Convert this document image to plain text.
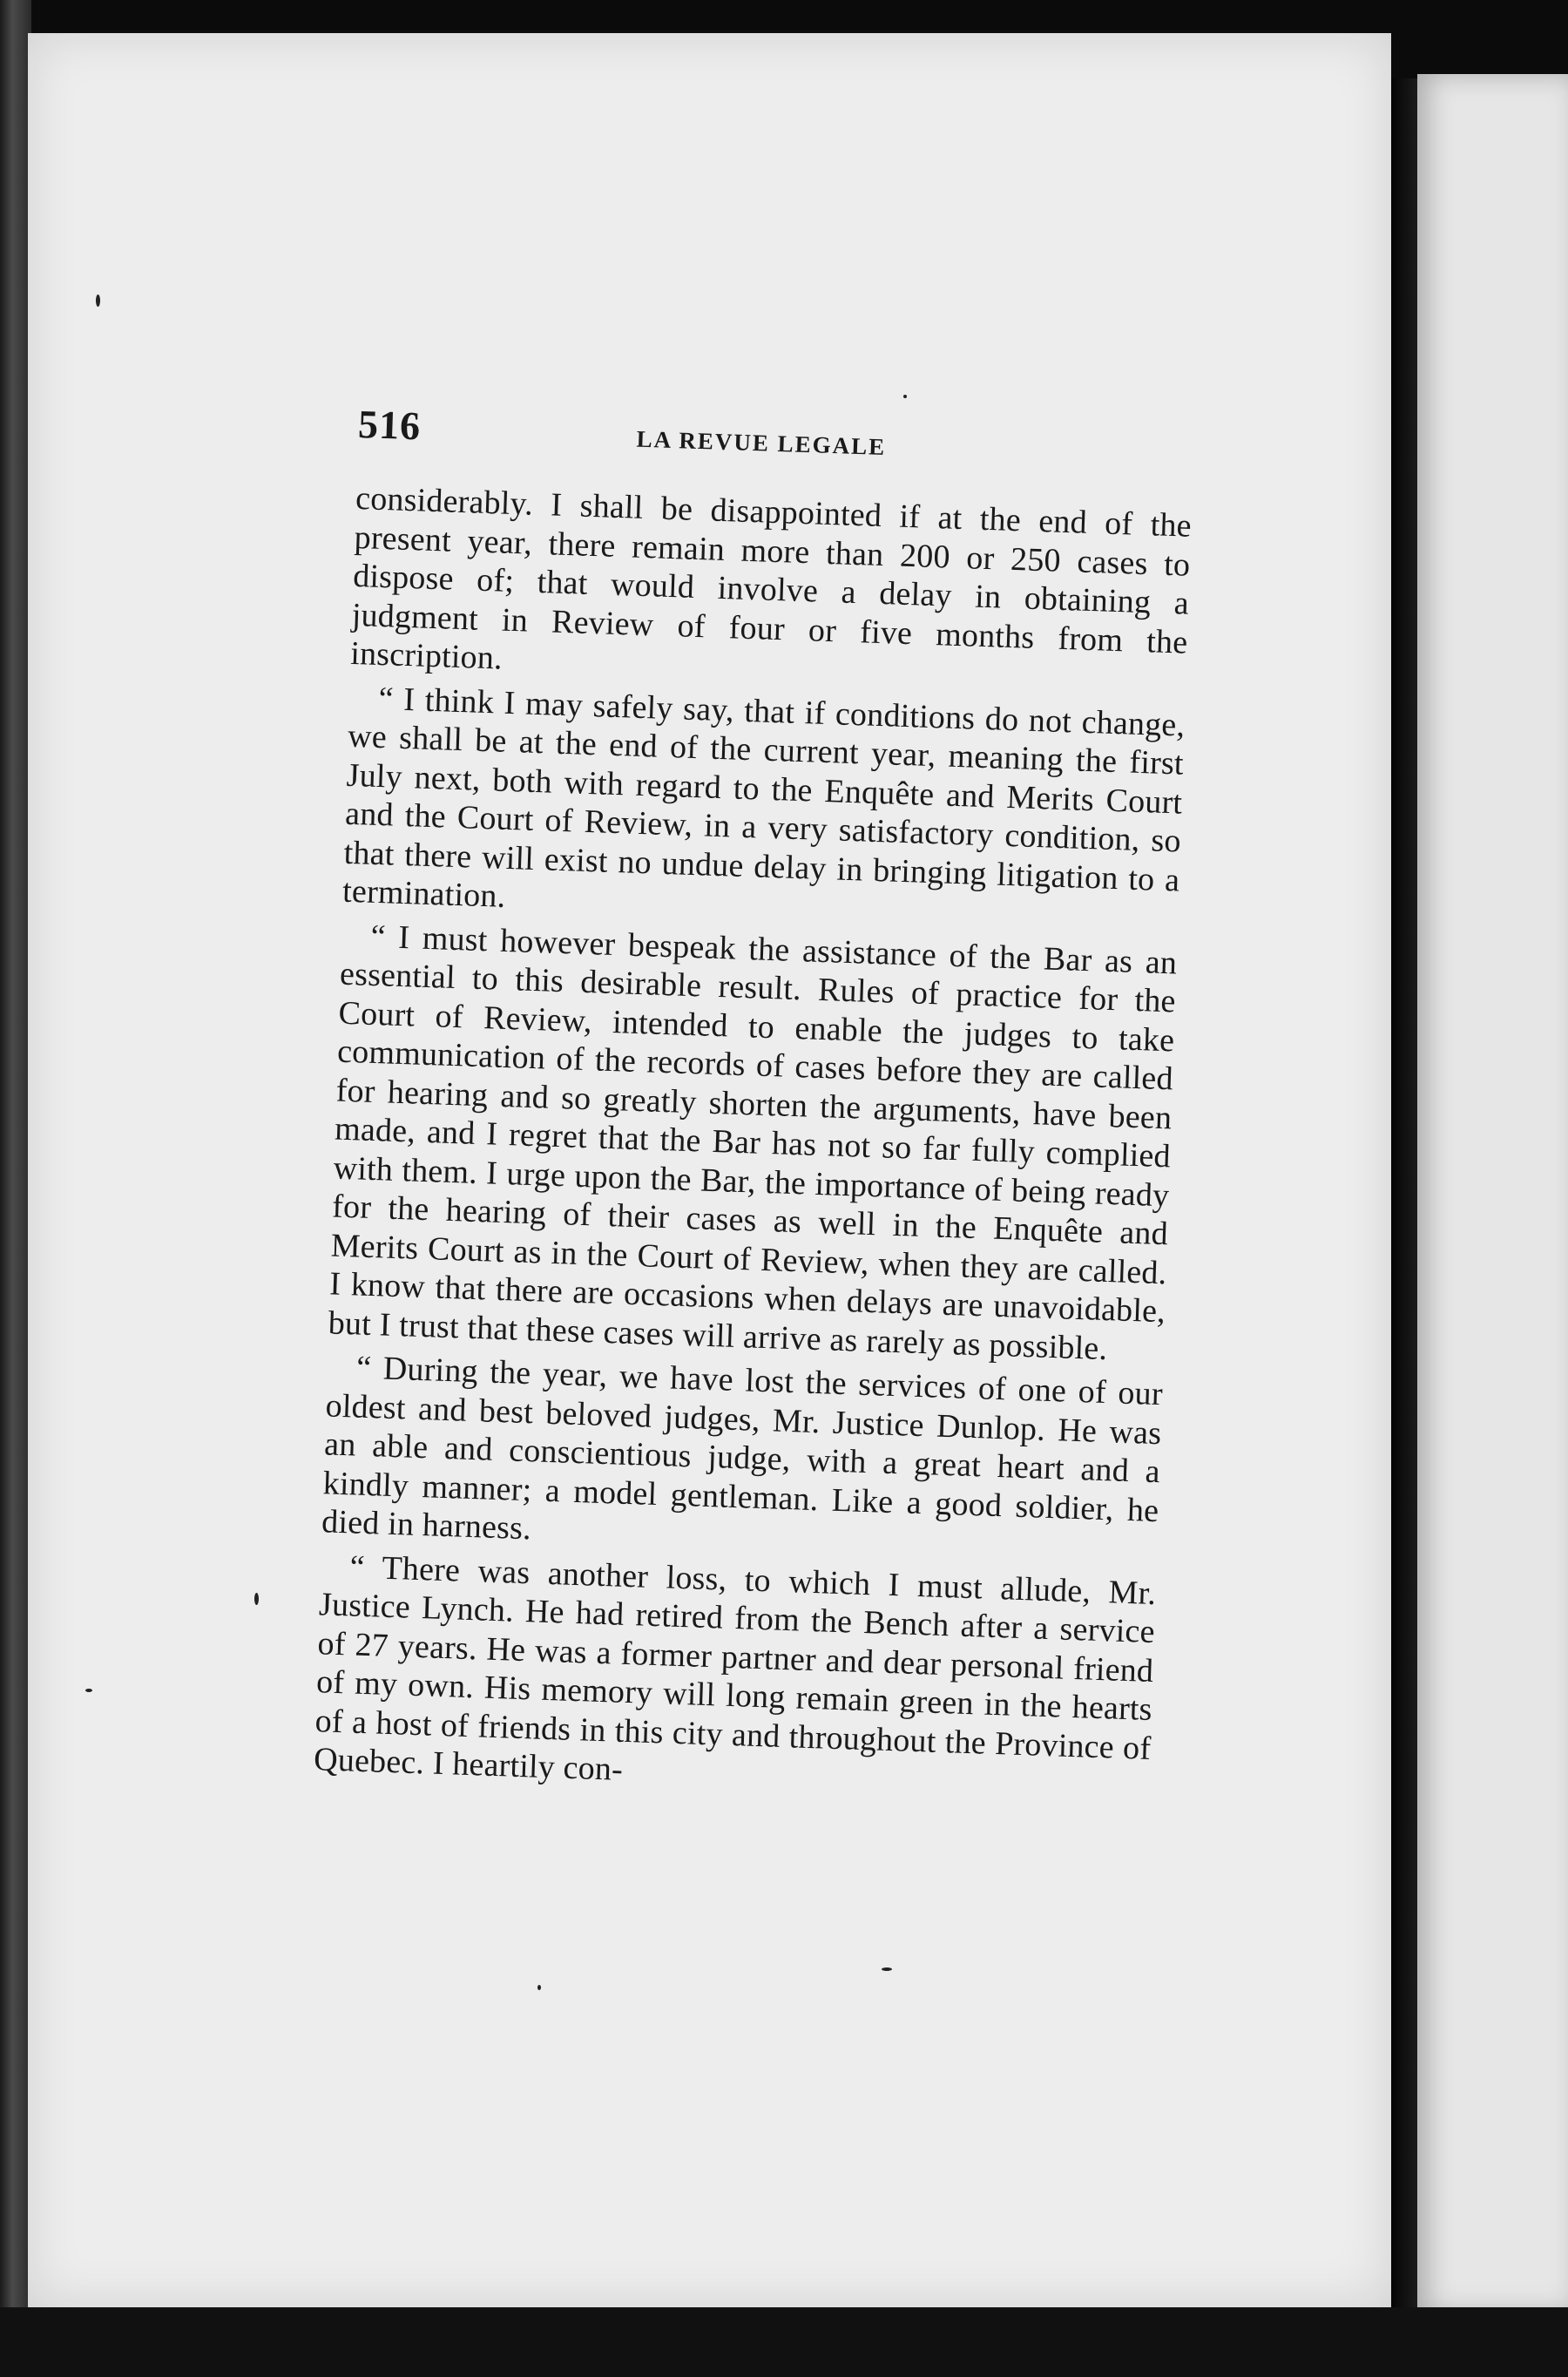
516	LA REVUE LEGALE

considerably. I shall be disappointed if at the end of the present year, there remain more than 200 or 250 cases to dispose of; that would involve a delay in obtaining a judgment in Review of four or five months from the inscription.

“ I think I may safely say, that if conditions do not change, we shall be at the end of the current year, meaning the first July next, both with regard to the Enquête and Merits Court and the Court of Review, in a very satisfactory condition, so that there will exist no undue delay in bringing litigation to a termination.

“ I must however bespeak the assistance of the Bar as an essential to this desirable result. Rules of practice for the Court of Review, intended to enable the judges to take communication of the records of cases before they are called for hearing and so greatly shorten the arguments, have been made, and I regret that the Bar has not so far fully complied with them. I urge upon the Bar, the importance of being ready for the hearing of their cases as well in the Enquête and Merits Court as in the Court of Review, when they are called. I know that there are occasions when delays are unavoidable, but I trust that these cases will arrive as rarely as possible.

“ During the year, we have lost the services of one of our oldest and best beloved judges, Mr. Justice Dunlop. He was an able and conscientious judge, with a great heart and a kindly manner; a model gentleman. Like a good soldier, he died in harness.

“ There was another loss, to which I must allude, Mr. Justice Lynch. He had retired from the Bench after a service of 27 years. He was a former partner and dear personal friend of my own. His memory will long remain green in the hearts of a host of friends in this city and throughout the Province of Quebec. I heartily con-
